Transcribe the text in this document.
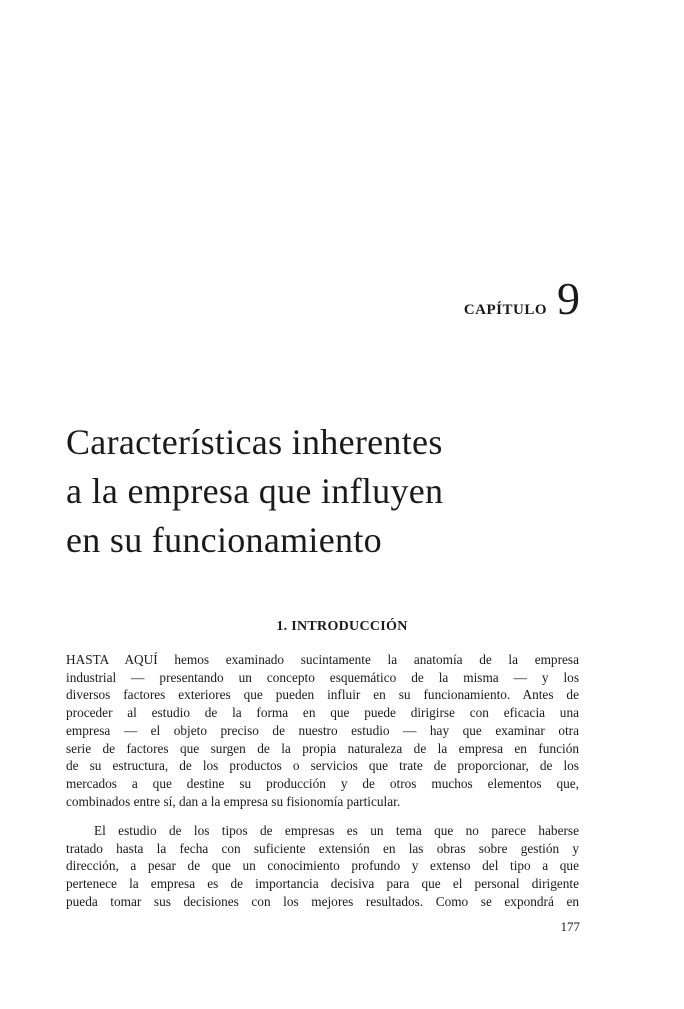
CAPÍTULO 9
Características inherentes
a la empresa que influyen
en su funcionamiento
1. INTRODUCCIÓN
HASTA AQUÍ hemos examinado sucintamente la anatomía de la empresa
industrial — presentando un concepto esquemático de la misma — y los
diversos factores exteriores que pueden influir en su funcionamiento. Antes de
proceder al estudio de la forma en que puede dirigirse con eficacia una
empresa — el objeto preciso de nuestro estudio — hay que examinar otra
serie de factores que surgen de la propia naturaleza de la empresa en función
de su estructura, de los productos o servicios que trate de proporcionar, de los
mercados a que destine su producción y de otros muchos elementos que,
combinados entre sí, dan a la empresa su fisionomía particular.
El estudio de los tipos de empresas es un tema que no parece haberse
tratado hasta la fecha con suficiente extensión en las obras sobre gestión y
dirección, a pesar de que un conocimiento profundo y extenso del tipo a que
pertenece la empresa es de importancia decisiva para que el personal dirigente
pueda tomar sus decisiones con los mejores resultados. Como se expondrá en
177
